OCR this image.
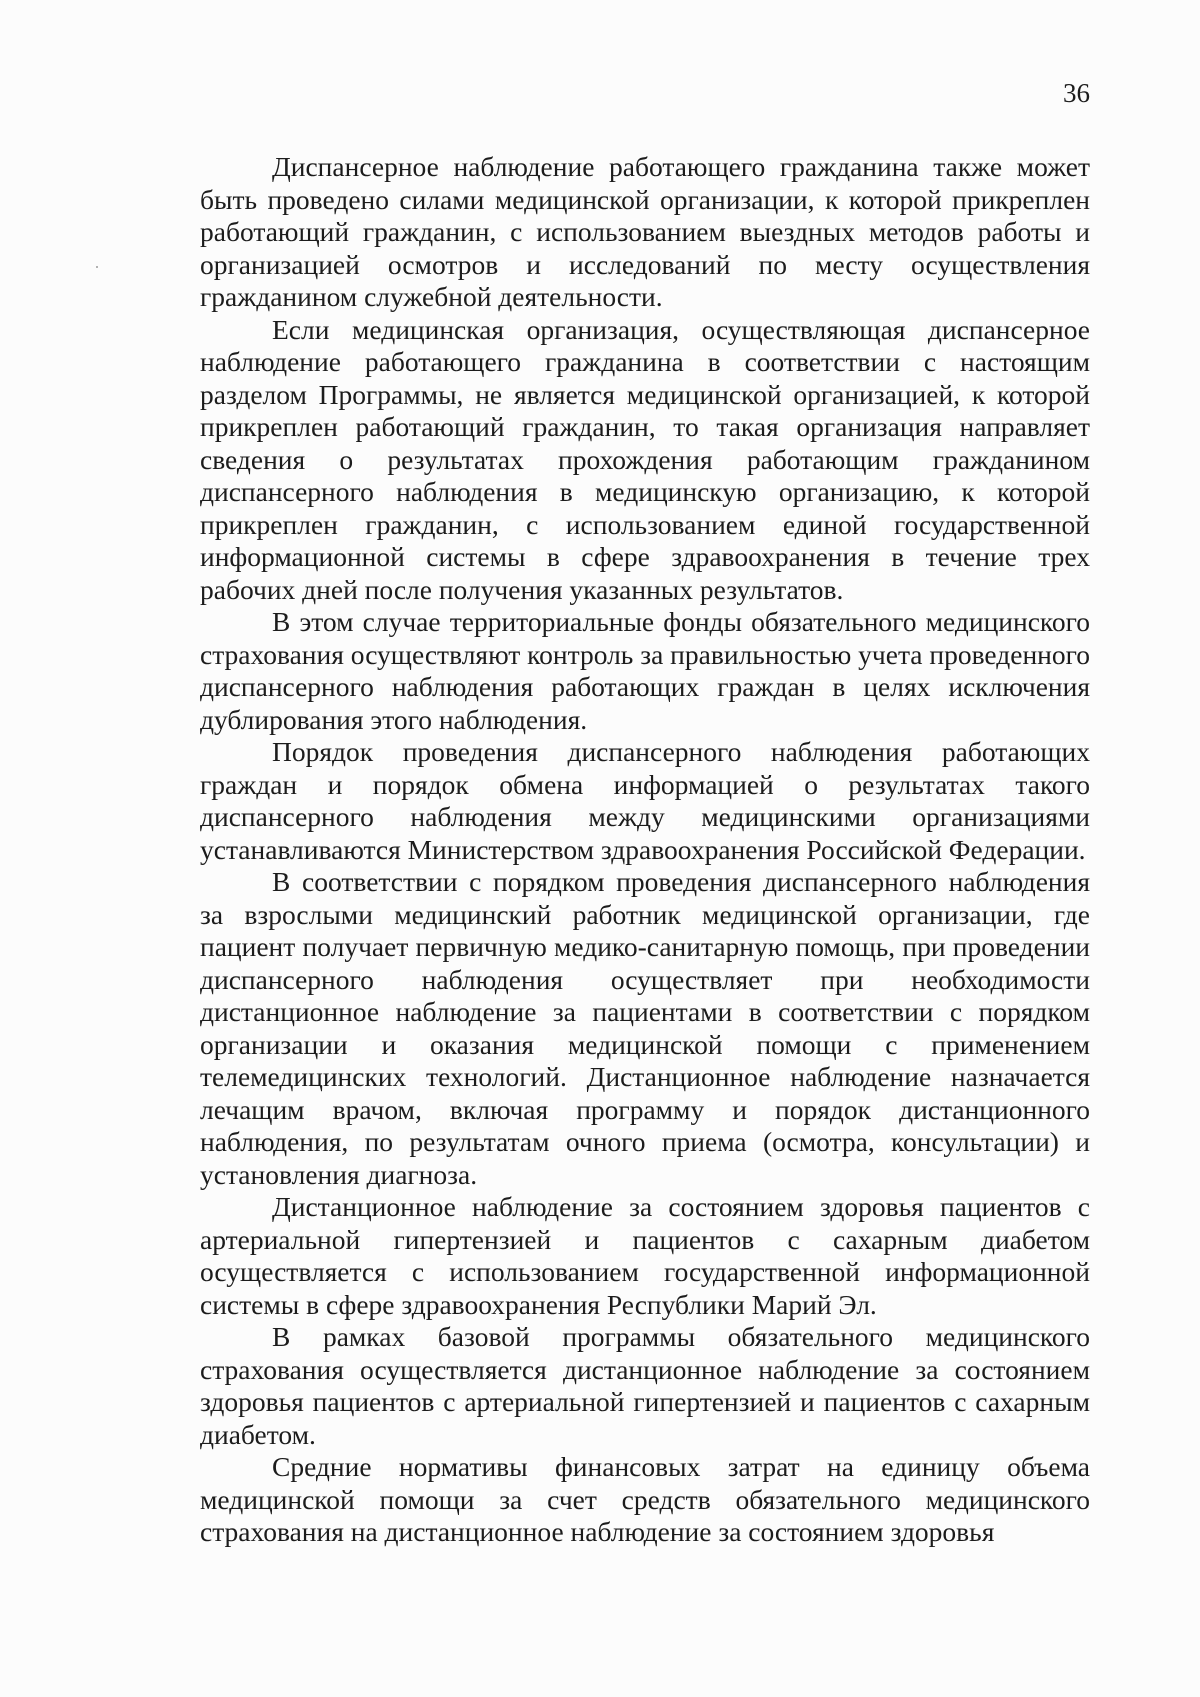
36

Диспансерное наблюдение работающего гражданина также может быть проведено силами медицинской организации, к которой прикреплен работающий гражданин, с использованием выездных методов работы и организацией осмотров и исследований по месту осуществления гражданином служебной деятельности.

Если медицинская организация, осуществляющая диспансерное наблюдение работающего гражданина в соответствии с настоящим разделом Программы, не является медицинской организацией, к которой прикреплен работающий гражданин, то такая организация направляет сведения о результатах прохождения работающим гражданином диспансерного наблюдения в медицинскую организацию, к которой прикреплен гражданин, с использованием единой государственной информационной системы в сфере здравоохранения в течение трех рабочих дней после получения указанных результатов.

В этом случае территориальные фонды обязательного медицинского страхования осуществляют контроль за правильностью учета проведенного диспансерного наблюдения работающих граждан в целях исключения дублирования этого наблюдения.

Порядок проведения диспансерного наблюдения работающих граждан и порядок обмена информацией о результатах такого диспансерного наблюдения между медицинскими организациями устанавливаются Министерством здравоохранения Российской Федерации.

В соответствии с порядком проведения диспансерного наблюдения за взрослыми медицинский работник медицинской организации, где пациент получает первичную медико-санитарную помощь, при проведении диспансерного наблюдения осуществляет при необходимости дистанционное наблюдение за пациентами в соответствии с порядком организации и оказания медицинской помощи с применением телемедицинских технологий. Дистанционное наблюдение назначается лечащим врачом, включая программу и порядок дистанционного наблюдения, по результатам очного приема (осмотра, консультации) и установления диагноза.

Дистанционное наблюдение за состоянием здоровья пациентов с артериальной гипертензией и пациентов с сахарным диабетом осуществляется с использованием государственной информационной системы в сфере здравоохранения Республики Марий Эл.

В рамках базовой программы обязательного медицинского страхования осуществляется дистанционное наблюдение за состоянием здоровья пациентов с артериальной гипертензией и пациентов с сахарным диабетом.

Средние нормативы финансовых затрат на единицу объема медицинской помощи за счет средств обязательного медицинского страхования на дистанционное наблюдение за состоянием здоровья
